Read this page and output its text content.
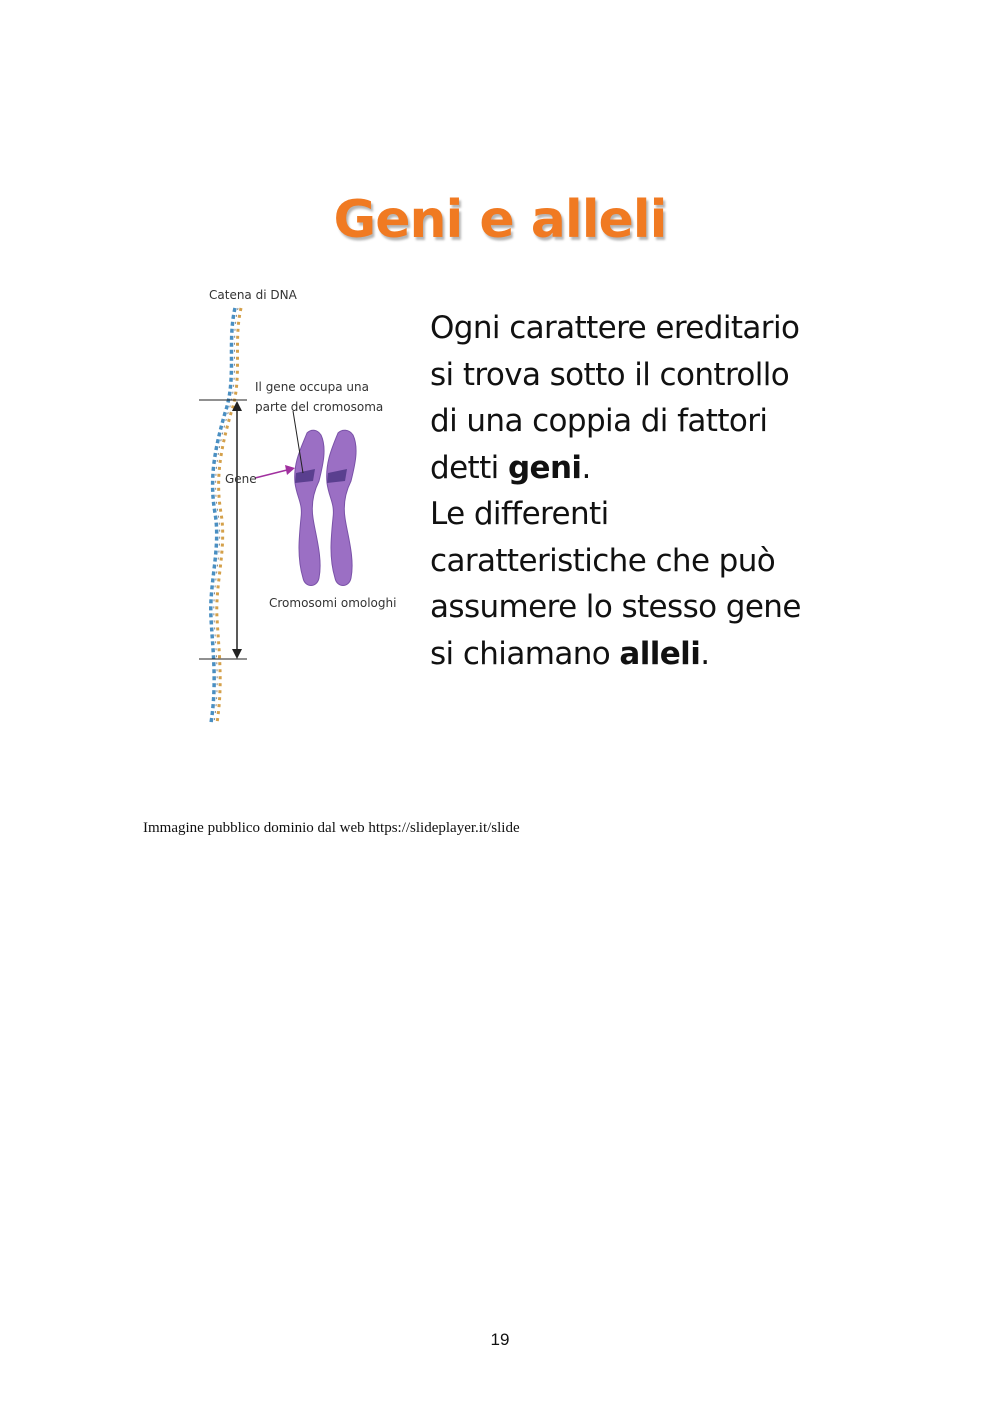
Geni e alleli
Catena di DNA
Il gene occupa una
parte del cromosoma
Gene
Cromosomi omologhi
Ogni carattere ereditario
si trova sotto il controllo
di una coppia di fattori
detti geni.
Le differenti
caratteristiche che può
assumere lo stesso gene
si chiamano alleli.
Immagine pubblico dominio dal web https://slideplayer.it/slide
19
